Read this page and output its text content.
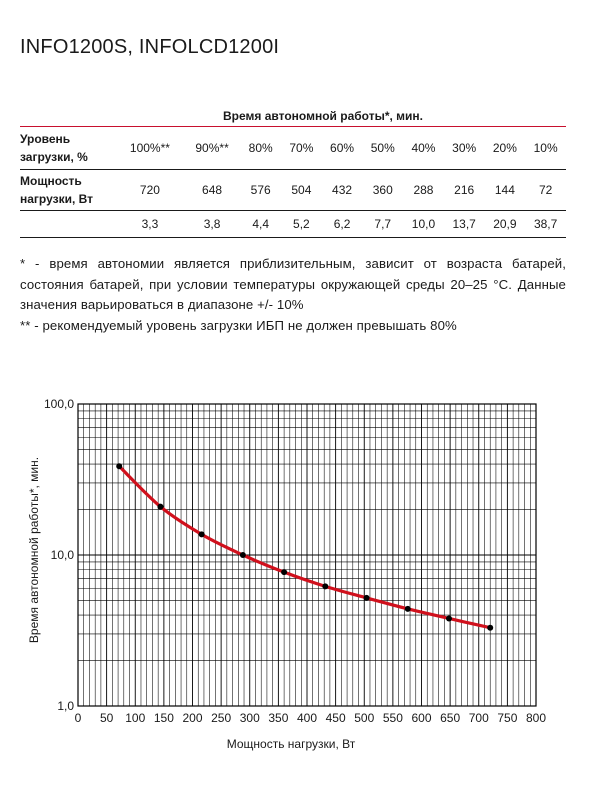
INFO1200S, INFOLCD1200I
Время автономной работы*, мин.										
Уровень загрузки, %	100%**	90%**	80%	70%	60%	50%	40%	30%	20%	10%
Мощность нагрузки, Вт	720	648	576	504	432	360	288	216	144	72
	3,3	3,8	4,4	5,2	6,2	7,7	10,0	13,7	20,9	38,7

* - время автономии является приблизительным, зависит от возраста батарей, состояния батарей, при условии температуры окружающей среды 20–25 °С. Данные значения варьироваться в диапазоне +/- 10%

** - рекомендуемый уровень загрузки ИБП не должен превышать 80%

0 50 100 150 200 250 300 350 400 450 500 550 600 650 700 750 800
1,0
10,0
100,0
Мощность нагрузки, Вт
Время автономной работы*, мин.
